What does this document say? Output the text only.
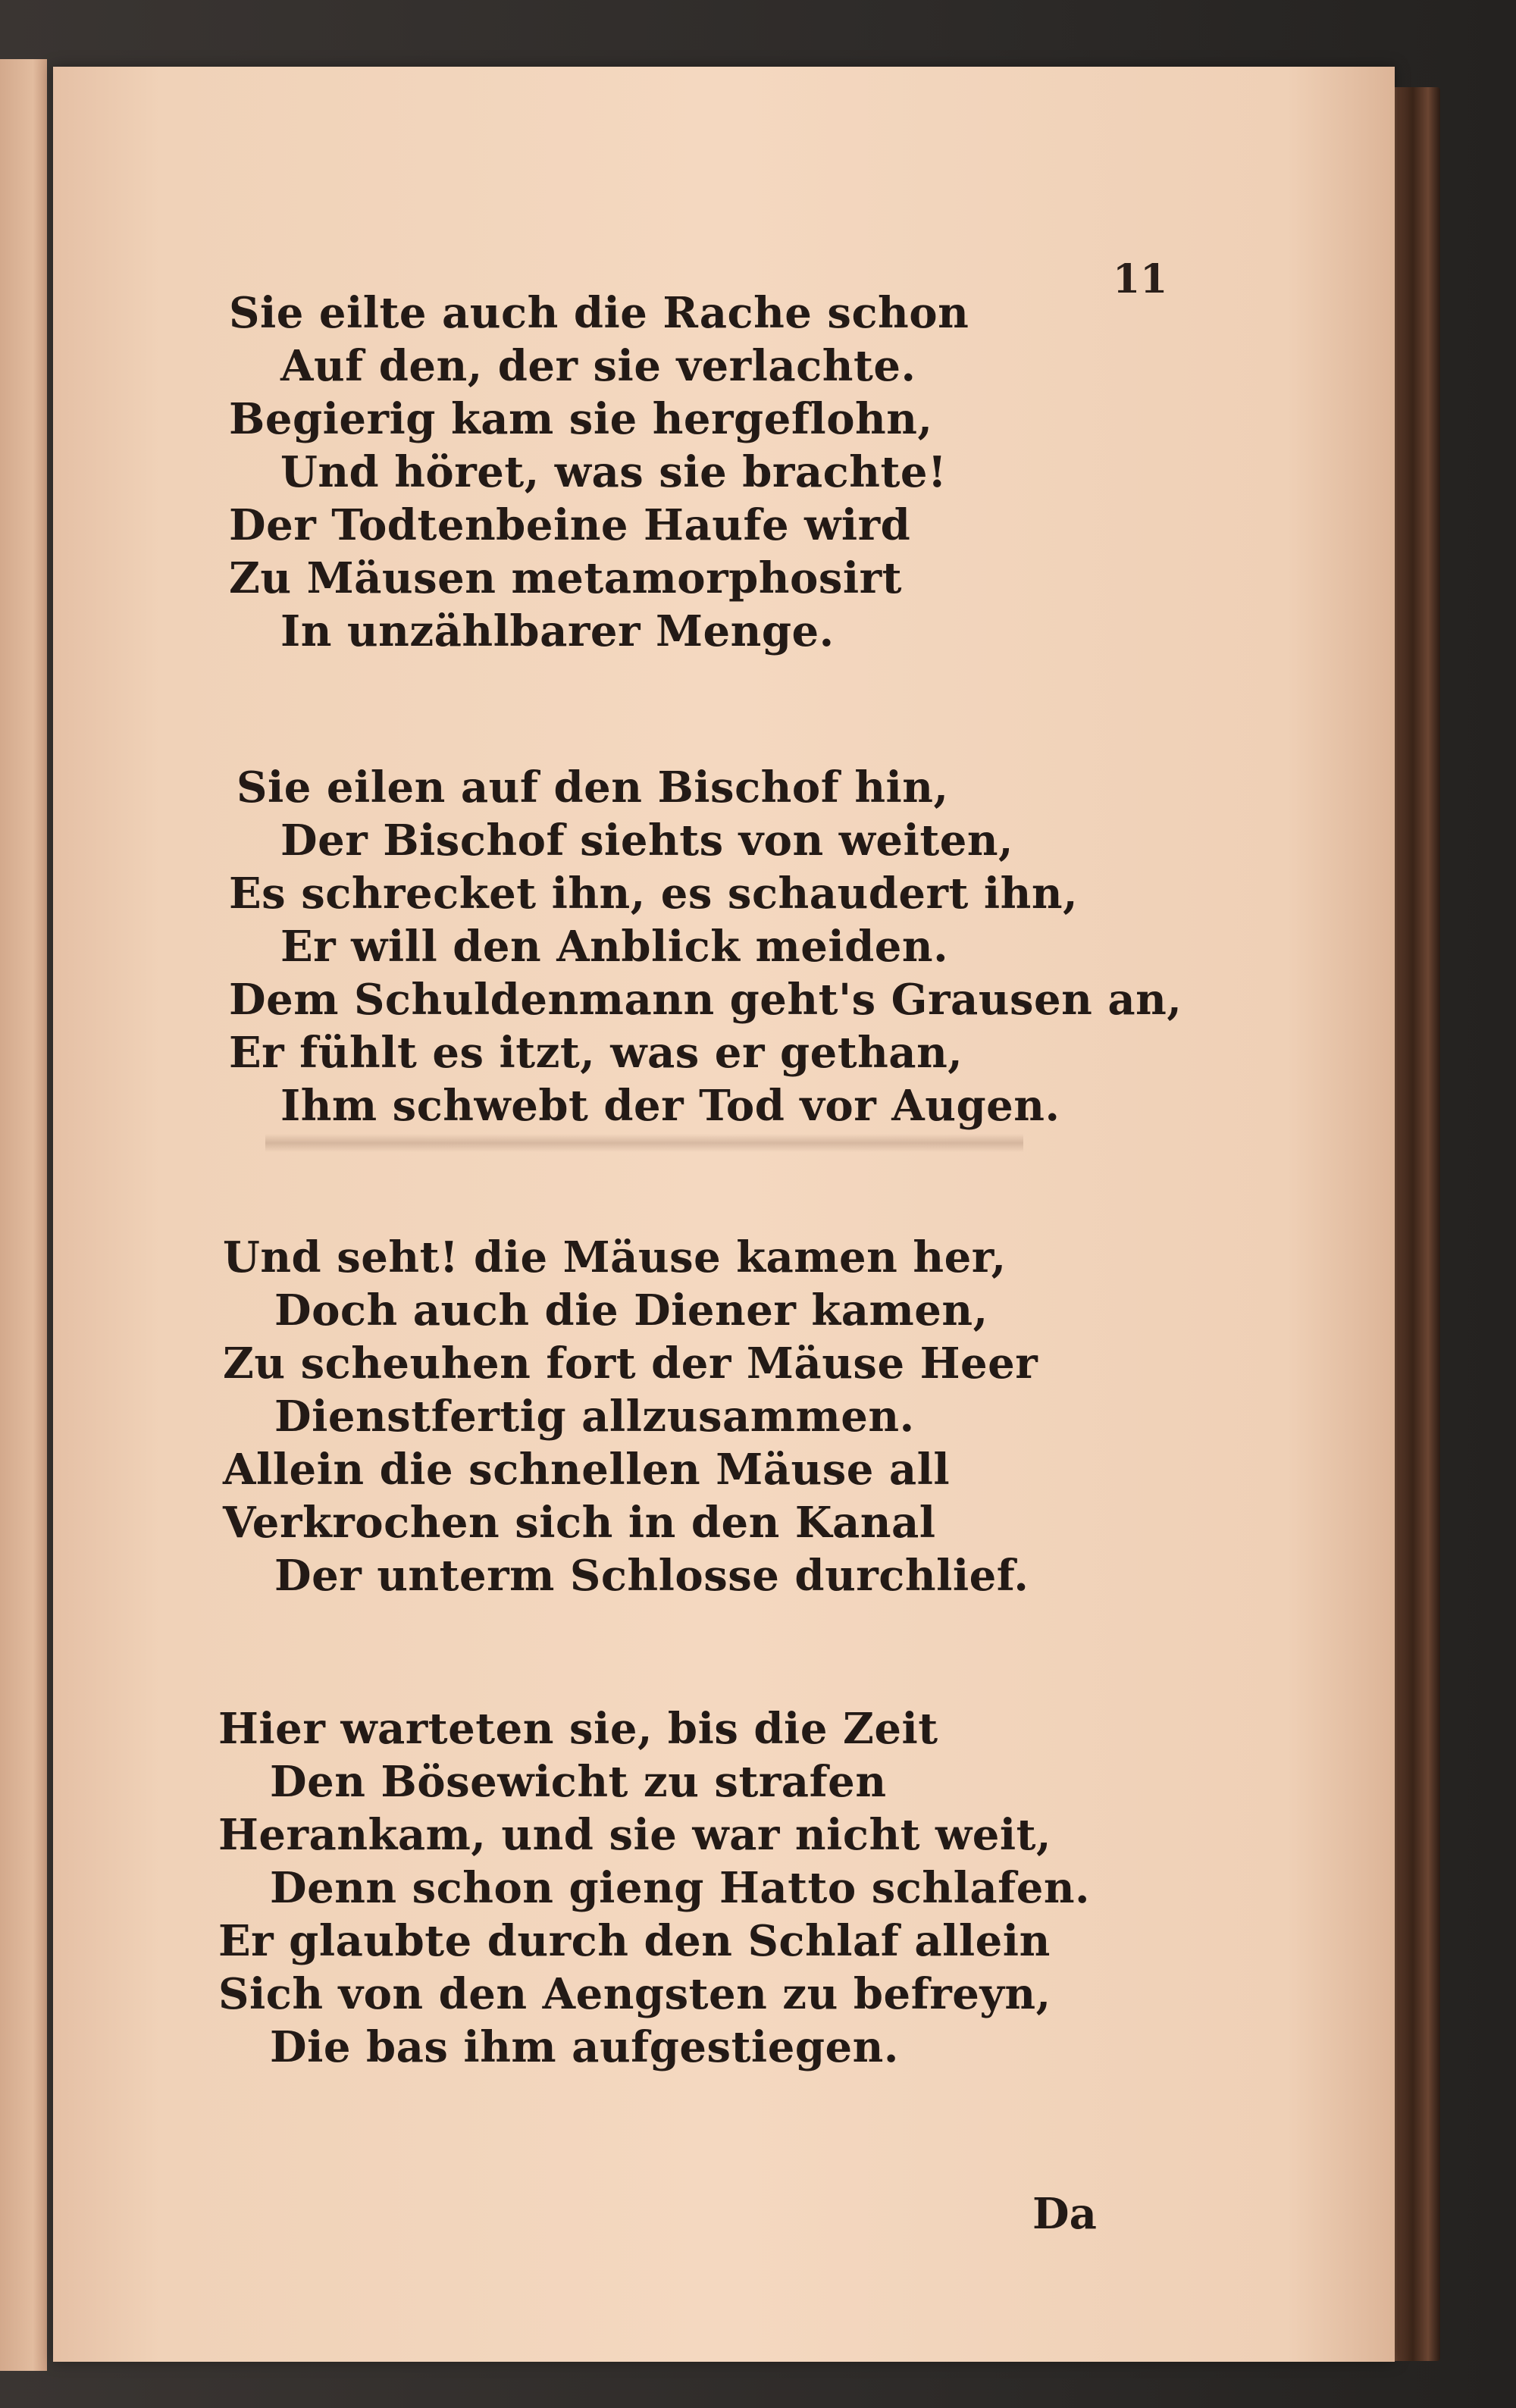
11
Sie eilte auch die Rache schon
Auf den, der sie verlachte.
Begierig kam sie hergeflohn,
Und höret, was sie brachte!
Der Todtenbeine Haufe wird
Zu Mäusen metamorphosirt
In unzählbarer Menge.
Sie eilen auf den Bischof hin,
Der Bischof siehts von weiten,
Es schrecket ihn, es schaudert ihn,
Er will den Anblick meiden.
Dem Schuldenmann geht's Grausen an,
Er fühlt es itzt, was er gethan,
Ihm schwebt der Tod vor Augen.
Und seht! die Mäuse kamen her,
Doch auch die Diener kamen,
Zu scheuhen fort der Mäuse Heer
Dienstfertig allzusammen.
Allein die schnellen Mäuse all
Verkrochen sich in den Kanal
Der unterm Schlosse durchlief.
Hier warteten sie, bis die Zeit
Den Bösewicht zu strafen
Herankam, und sie war nicht weit,
Denn schon gieng Hatto schlafen.
Er glaubte durch den Schlaf allein
Sich von den Aengsten zu befreyn,
Die bas ihm aufgestiegen.
Da
